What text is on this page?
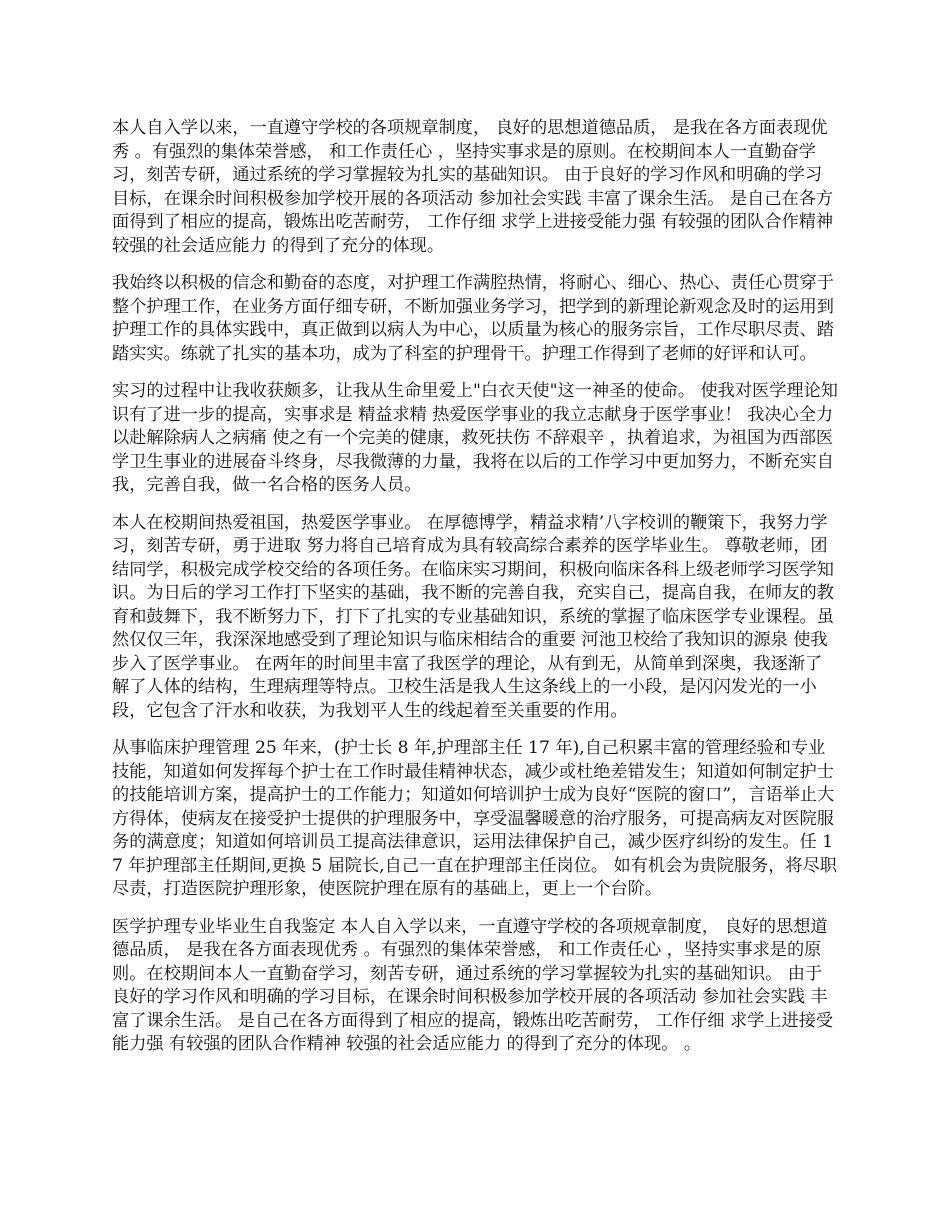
本人自入学以来，一直遵守学校的各项规章制度， 良好的思想道德品质， 是我在各方面表现优秀 。有强烈的集体荣誉感， 和工作责任心 ，坚持实事求是的原则。在校期间本人一直勤奋学习，刻苦专研，通过系统的学习掌握较为扎实的基础知识。 由于良好的学习作风和明确的学习目标，在课余时间积极参加学校开展的各项活动 参加社会实践 丰富了课余生活。 是自己在各方面得到了相应的提高，锻炼出吃苦耐劳， 工作仔细 求学上进接受能力强 有较强的团队合作精神 较强的社会适应能力 的得到了充分的体现。

我始终以积极的信念和勤奋的态度，对护理工作满腔热情，将耐心、细心、热心、责任心贯穿于整个护理工作，在业务方面仔细专研，不断加强业务学习，把学到的新理论新观念及时的运用到护理工作的具体实践中，真正做到以病人为中心，以质量为核心的服务宗旨，工作尽职尽责、踏踏实实。练就了扎实的基本功，成为了科室的护理骨干。护理工作得到了老师的好评和认可。

实习的过程中让我收获颇多，让我从生命里爱上"白衣天使"这一神圣的使命。 使我对医学理论知识有了进一步的提高，实事求是 精益求精 热爱医学事业的我立志献身于医学事业！ 我决心全力以赴解除病人之病痛 使之有一个完美的健康，救死扶伤 不辞艰辛 ，执着追求，为祖国为西部医学卫生事业的进展奋斗终身，尽我微薄的力量，我将在以后的工作学习中更加努力，不断充实自我，完善自我，做一名合格的医务人员。

本人在校期间热爱祖国，热爱医学事业。 在厚德博学，精益求精’八字校训的鞭策下，我努力学习，刻苦专研，勇于进取 努力将自己培育成为具有较高综合素养的医学毕业生。 尊敬老师，团结同学，积极完成学校交给的各项任务。在临床实习期间，积极向临床各科上级老师学习医学知识。为日后的学习工作打下坚实的基础，我不断的完善自我，充实自己，提高自我，在师友的教育和鼓舞下，我不断努力下，打下了扎实的专业基础知识，系统的掌握了临床医学专业课程。虽然仅仅三年，我深深地感受到了理论知识与临床相结合的重要 河池卫校给了我知识的源泉 使我步入了医学事业。 在两年的时间里丰富了我医学的理论，从有到无，从简单到深奥，我逐渐了解了人体的结构，生理病理等特点。卫校生活是我人生这条线上的一小段，是闪闪发光的一小段，它包含了汗水和收获，为我划平人生的线起着至关重要的作用。

从事临床护理管理 25 年来，(护士长 8 年,护理部主任 17 年),自己积累丰富的管理经验和专业技能，知道如何发挥每个护士在工作时最佳精神状态，减少或杜绝差错发生；知道如何制定护士的技能培训方案，提高护士的工作能力；知道如何培训护士成为良好“医院的窗口”，言语举止大方得体，使病友在接受护士提供的护理服务中，享受温馨暖意的治疗服务，可提高病友对医院服务的满意度；知道如何培训员工提高法律意识，运用法律保护自己，减少医疗纠纷的发生。任 17 年护理部主任期间,更换 5 届院长,自己一直在护理部主任岗位。 如有机会为贵院服务，将尽职尽责，打造医院护理形象，使医院护理在原有的基础上，更上一个台阶。

医学护理专业毕业生自我鉴定 本人自入学以来，一直遵守学校的各项规章制度， 良好的思想道德品质， 是我在各方面表现优秀 。有强烈的集体荣誉感， 和工作责任心 ，坚持实事求是的原则。在校期间本人一直勤奋学习，刻苦专研，通过系统的学习掌握较为扎实的基础知识。 由于良好的学习作风和明确的学习目标，在课余时间积极参加学校开展的各项活动 参加社会实践 丰富了课余生活。 是自己在各方面得到了相应的提高，锻炼出吃苦耐劳， 工作仔细 求学上进接受能力强 有较强的团队合作精神 较强的社会适应能力 的得到了充分的体现。 。
